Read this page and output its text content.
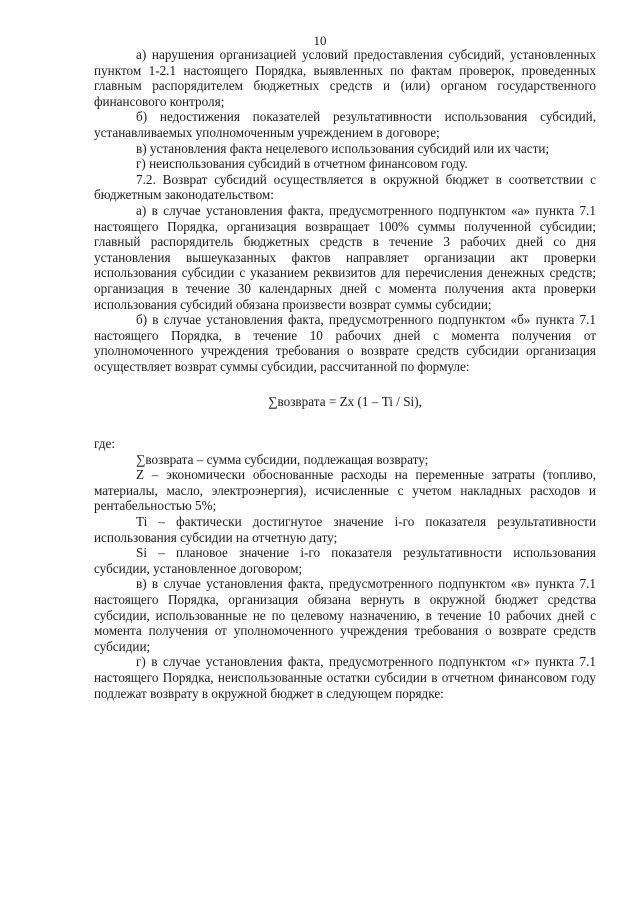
10

а) нарушения организацией условий предоставления субсидий, установленных пунктом 1-2.1 настоящего Порядка, выявленных по фактам проверок, проведенных главным распорядителем бюджетных средств и (или) органом государственного финансового контроля;

б) недостижения показателей результативности использования субсидий, устанавливаемых уполномоченным учреждением в договоре;

в) установления факта нецелевого использования субсидий или их части;

г) неиспользования субсидий в отчетном финансовом году.

7.2. Возврат субсидий осуществляется в окружной бюджет в соответствии с бюджетным законодательством:

а) в случае установления факта, предусмотренного подпунктом «а» пункта 7.1 настоящего Порядка, организация возвращает 100% суммы полученной субсидии; главный распорядитель бюджетных средств в течение 3 рабочих дней со дня установления вышеуказанных фактов направляет организации акт проверки использования субсидии с указанием реквизитов для перечисления денежных средств; организация в течение 30 календарных дней с момента получения акта проверки использования субсидий обязана произвести возврат суммы субсидии;

б) в случае установления факта, предусмотренного подпунктом «б» пункта 7.1 настоящего Порядка, в течение 10 рабочих дней с момента получения от уполномоченного учреждения требования о возврате средств субсидии организация осуществляет возврат суммы субсидии, рассчитанной по формуле:

∑возврата = Zх (1 – Ti / Si),

где:

∑возврата – сумма субсидии, подлежащая возврату;

Z – экономически обоснованные расходы на переменные затраты (топливо, материалы, масло, электроэнергия), исчисленные с учетом накладных расходов и рентабельностью 5%;

Ti – фактически достигнутое значение i-го показателя результативности использования субсидии на отчетную дату;

Si – плановое значение i-го показателя результативности использования субсидии, установленное договором;

в) в случае установления факта, предусмотренного подпунктом «в» пункта 7.1 настоящего Порядка, организация обязана вернуть в окружной бюджет средства субсидии, использованные не по целевому назначению, в течение 10 рабочих дней с момента получения от уполномоченного учреждения требования о возврате средств субсидии;

г) в случае установления факта, предусмотренного подпунктом «г» пункта 7.1 настоящего Порядка, неиспользованные остатки субсидии в отчетном финансовом году подлежат возврату в окружной бюджет в следующем порядке:
